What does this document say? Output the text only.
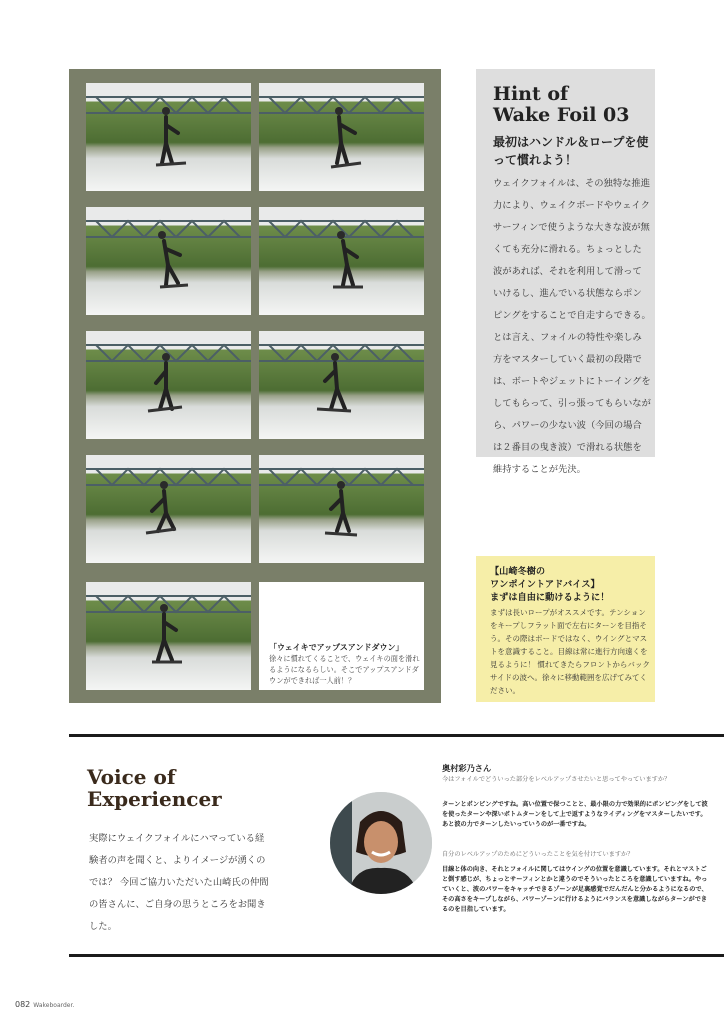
「ウェイキでアップスアンドダウン」
徐々に慣れてくることで、ウェイキの面を滑れるようになるらしい。そこでアップスアンドダウンができれば一人前！？
Hint of
Wake Foil 03
最初はハンドル＆ロープを使って慣れよう！
ウェイクフォイルは、その独特な推進力により、ウェイクボードやウェイクサーフィンで使うような大きな波が無くても充分に滑れる。ちょっとした波があれば、それを利用して滑っていけるし、進んでいる状態ならポンピングをすることで自走すらできる。とは言え、フォイルの特性や楽しみ方をマスターしていく最初の段階では、ボートやジェットにトーイングをしてもらって、引っ張ってもらいながら、パワーの少ない波（今回の場合は２番目の曳き波）で滑れる状態を維持することが先決。
【山崎冬樹の
ワンポイントアドバイス】
まずは自由に動けるように！
まずは長いロープがオススメです。テンションをキープしフラット面で左右にターンを目指そう。その際はボードではなく、ウイングとマストを意識すること。目線は常に進行方向遠くを見るように！ 慣れてきたらフロントからバックサイドの波へ。徐々に移動範囲を広げてみてください。
Voice of
Experiencer
実際にウェイクフォイルにハマっている経験者の声を聞くと、よりイメージが湧くのでは？ 今回ご協力いただいた山崎氏の仲間の皆さんに、ご自身の思うところをお聞きした。
奥村彩乃さん
今はフォイルでどういった部分をレベルアップさせたいと思ってやっていますか？
ターンとポンピングですね。高い位置で保つことと、最小限の力で効果的にポンピングをして波を使ったターンや深いボトムターンをして上で返すようなライディングをマスターしたいです。あと波の力でターンしたいっていうのが一番ですね。
自分のレベルアップのためにどういったことを気を付けていますか？
目線と体の向き、それとフォイルに関してはウイングの位置を意識しています。それとマストごと倒す感じが、ちょっとサーフィンとかと違うのでそういったところを意識していますね。やっていくと、波のパワーをキャッチできるゾーンが足裏感覚でだんだんと分かるようになるので、その高さをキープしながら、パワーゾーンに行けるようにバランスを意識しながらターンができるのを目指しています。
082 Wakeboarder.
